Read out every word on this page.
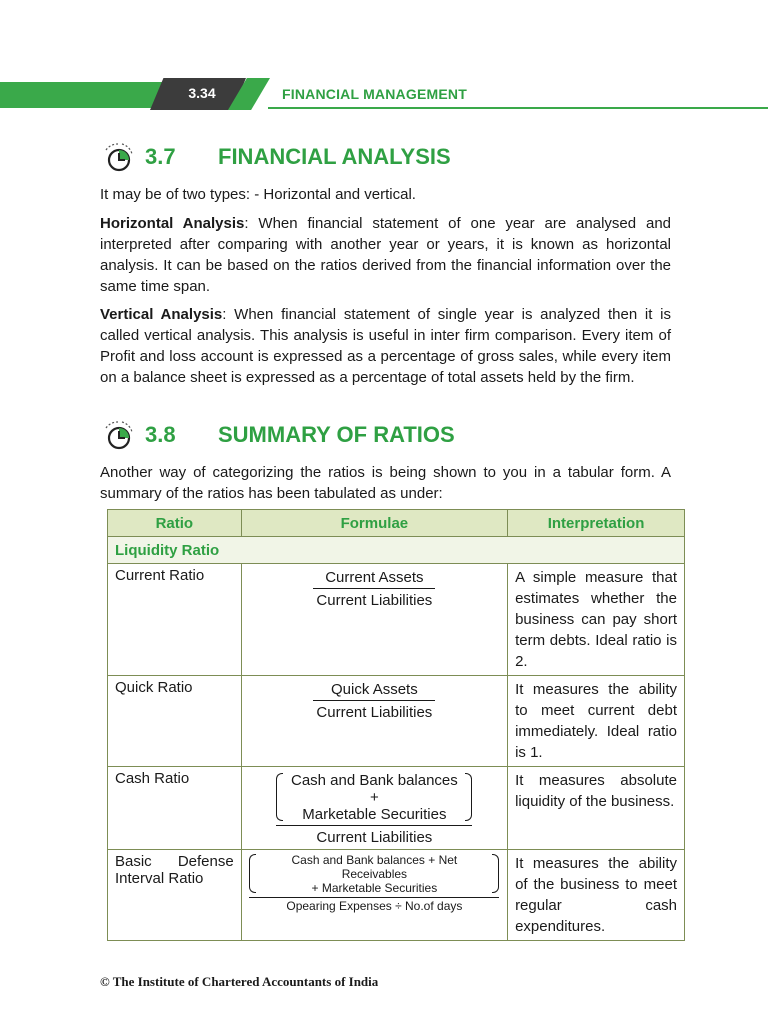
3.34	FINANCIAL MANAGEMENT
3.7 FINANCIAL ANALYSIS

It may be of two types: - Horizontal and vertical.

Horizontal Analysis: When financial statement of one year are analysed and interpreted after comparing with another year or years, it is known as horizontal analysis. It can be based on the ratios derived from the financial information over the same time span.

Vertical Analysis: When financial statement of single year is analyzed then it is called vertical analysis. This analysis is useful in inter firm comparison. Every item of Profit and loss account is expressed as a percentage of gross sales, while every item on a balance sheet is expressed as a percentage of total assets held by the firm.

3.8 SUMMARY OF RATIOS

Another way of categorizing the ratios is being shown to you in a tabular form. A summary of the ratios has been tabulated as under:

Ratio	Formulae	Interpretation
Liquidity Ratio		
Current Ratio	$\frac{\text{Current Assets}}{\text{Current Liabilities}}$	A simple measure that estimates whether the business can pay short term debts. Ideal ratio is 2.
Quick Ratio	$\frac{\text{Quick Assets}}{\text{Current Liabilities}}$	It measures the ability to meet current debt immediately. Ideal ratio is 1.
Cash Ratio	Cash and Bank balances +
Marketable Securities
Current Liabilities	It measures absolute liquidity of the business.
Basic Defense Interval Ratio	Cash and Bank balances + Net Receivables
+ Marketable Securities
Opearing Expenses ÷ No.of days	It measures the ability of the business to meet regular cash expenditures.
© The Institute of Chartered Accountants of India
